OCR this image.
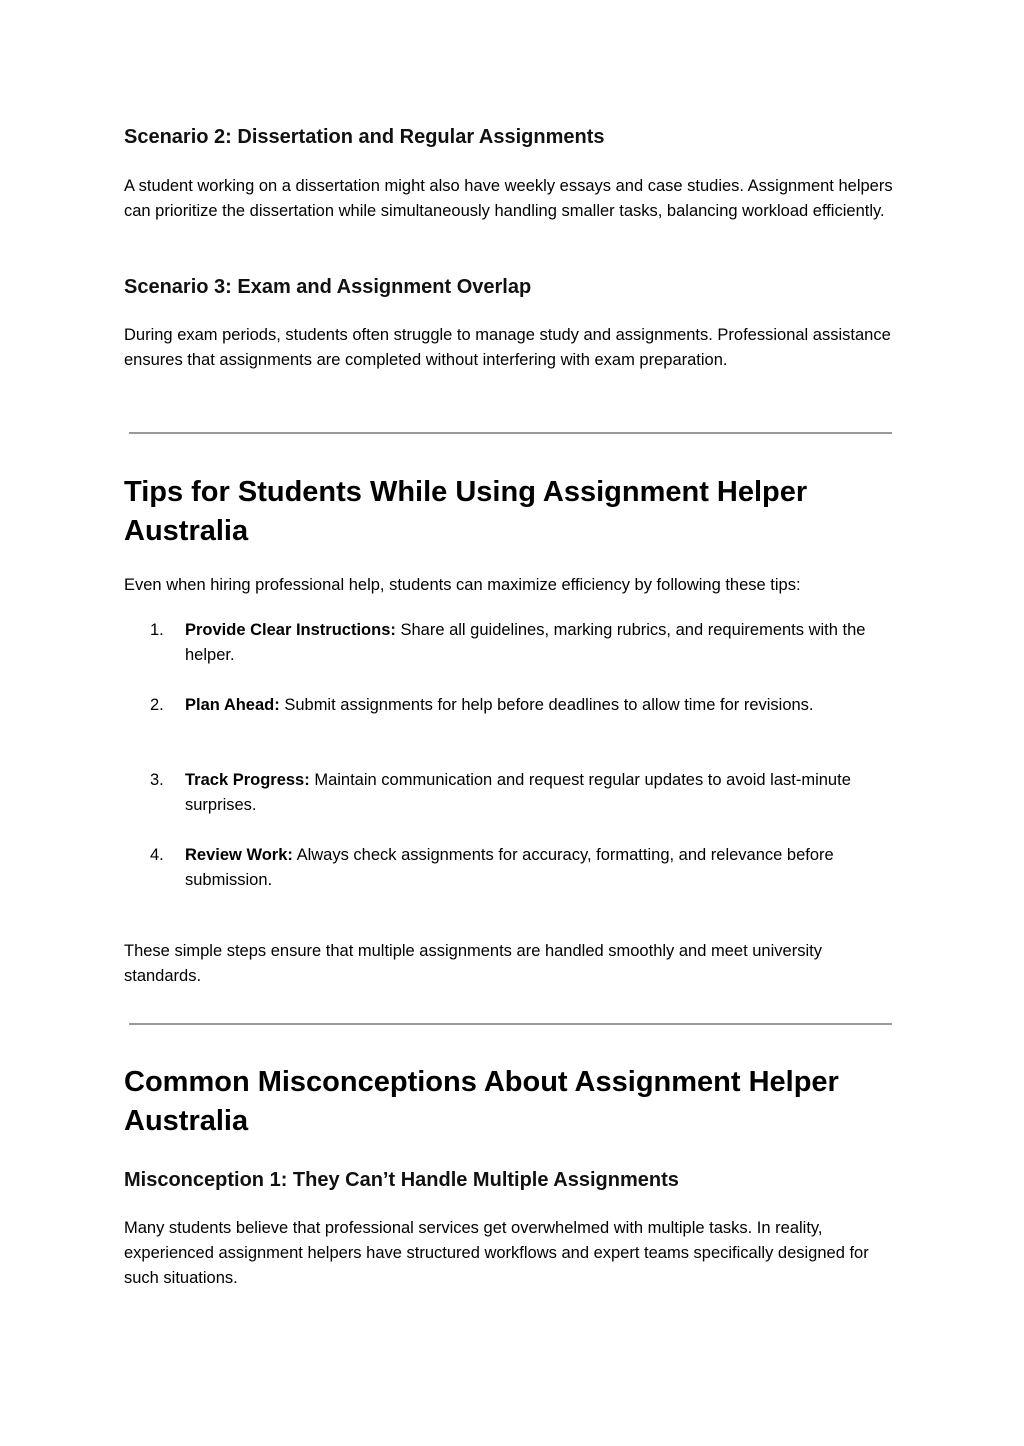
Scenario 2: Dissertation and Regular Assignments

A student working on a dissertation might also have weekly essays and case studies. Assignment helpers can prioritize the dissertation while simultaneously handling smaller tasks, balancing workload efficiently.

Scenario 3: Exam and Assignment Overlap

During exam periods, students often struggle to manage study and assignments. Professional assistance ensures that assignments are completed without interfering with exam preparation.

Tips for Students While Using Assignment Helper Australia

Even when hiring professional help, students can maximize efficiency by following these tips:

1. Provide Clear Instructions: Share all guidelines, marking rubrics, and requirements with the helper.
2. Plan Ahead: Submit assignments for help before deadlines to allow time for revisions.
3. Track Progress: Maintain communication and request regular updates to avoid last-minute surprises.
4. Review Work: Always check assignments for accuracy, formatting, and relevance before submission.

These simple steps ensure that multiple assignments are handled smoothly and meet university standards.

Common Misconceptions About Assignment Helper Australia
Misconception 1: They Can’t Handle Multiple Assignments

Many students believe that professional services get overwhelmed with multiple tasks. In reality, experienced assignment helpers have structured workflows and expert teams specifically designed for such situations.
